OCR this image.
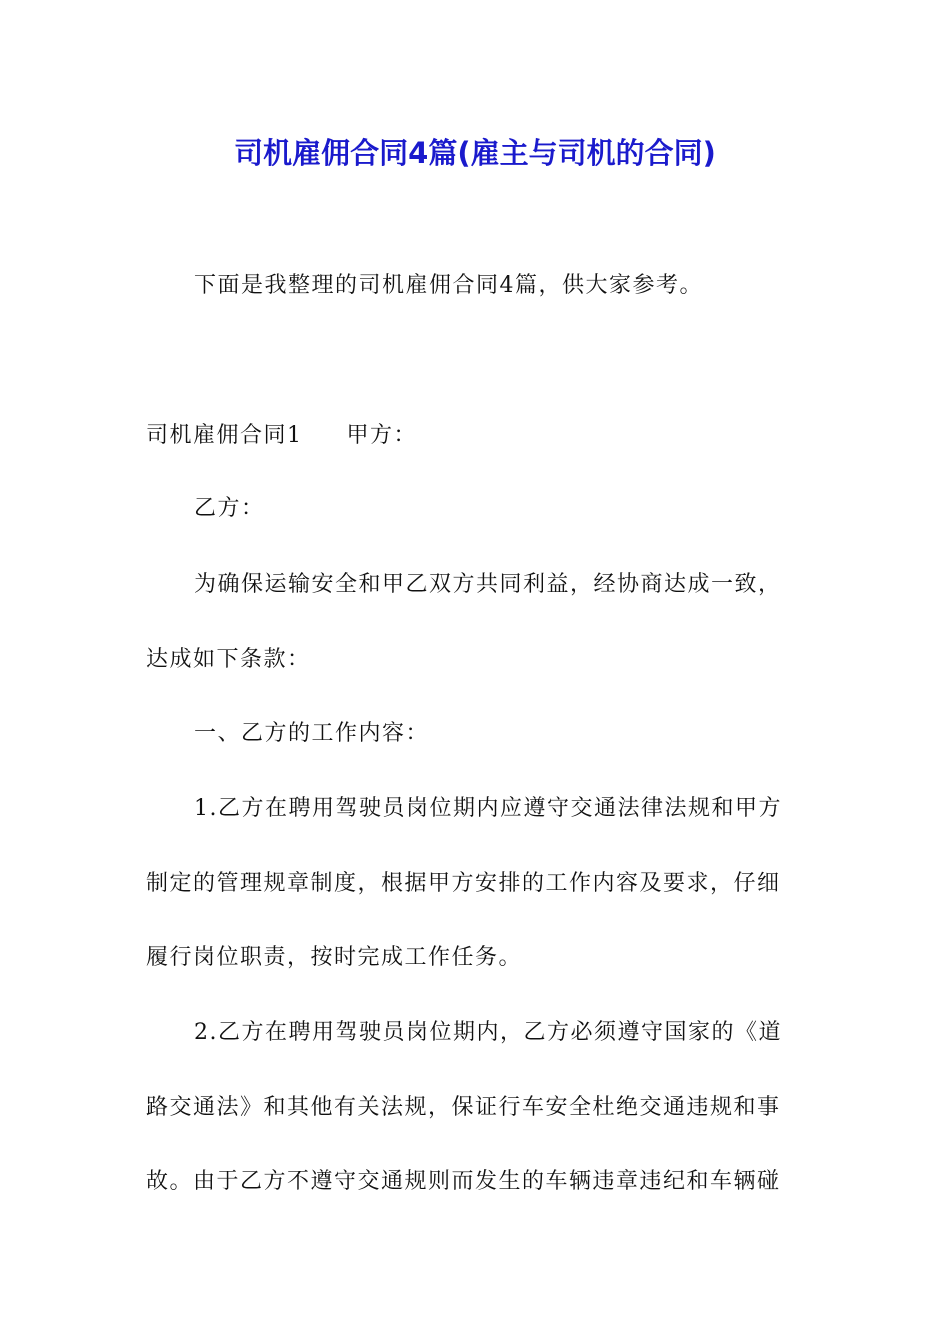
司机雇佣合同4篇(雇主与司机的合同)
下面是我整理的司机雇佣合同4篇，供大家参考。
司机雇佣合同1 甲方：
乙方：
为确保运输安全和甲乙双方共同利益，经协商达成一致，
达成如下条款：
一、乙方的工作内容：
1.乙方在聘用驾驶员岗位期内应遵守交通法律法规和甲方
制定的管理规章制度，根据甲方安排的工作内容及要求，仔细
履行岗位职责，按时完成工作任务。
2.乙方在聘用驾驶员岗位期内，乙方必须遵守国家的《道
路交通法》和其他有关法规，保证行车安全杜绝交通违规和事
故。由于乙方不遵守交通规则而发生的车辆违章违纪和车辆碰
